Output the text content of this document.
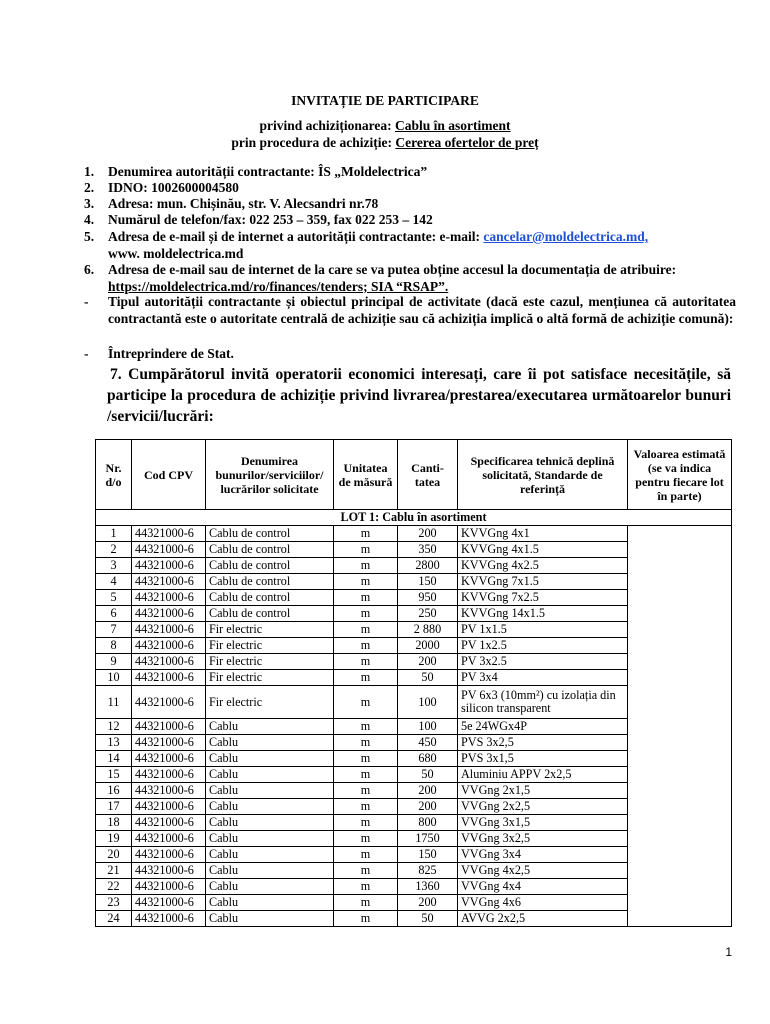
INVITAȚIE DE PARTICIPARE
privind achiziționarea: Cablu în asortiment
prin procedura de achiziție: Cererea ofertelor de preț
1.	Denumirea autorității contractante: ÎS „Moldelectrica”
2.	IDNO: 1002600004580
3.	Adresa: mun. Chișinău, str. V. Alecsandri nr.78
4.	Numărul de telefon/fax: 022 253 – 359, fax 022 253 – 142
5.	Adresa de e-mail și de internet a autorității contractante: e-mail: cancelar@moldelectrica.md,
www. moldelectrica.md
6.	Adresa de e-mail sau de internet de la care se va putea obține accesul la documentația de atribuire:
https://moldelectrica.md/ro/finances/tenders; SIA “RSAP”.
-	Tipul autorității contractante și obiectul principal de activitate (dacă este cazul, mențiunea că autoritatea contractantă este o autoritate centrală de achiziție sau că achiziția implică o altă formă de achiziție comună):
-	Întreprindere de Stat.
7. Cumpărătorul invită operatorii economici interesați, care îi pot satisface necesitățile, să participe la procedura de achiziție privind livrarea/prestarea/executarea următoarelor bunuri /servicii/lucrări:
Nr. d/o	Cod CPV	Denumirea bunurilor/serviciilor/ lucrărilor solicitate	Unitatea de măsură	Canti-tatea	Specificarea tehnică deplină solicitată, Standarde de referință	Valoarea estimată (se va indica pentru fiecare lot în parte)
LOT 1: Cablu în asortiment						
1	44321000-6	Cablu de control	m	200	KVVGng 4x1	
2	44321000-6	Cablu de control	m	350	KVVGng 4x1.5	
3	44321000-6	Cablu de control	m	2800	KVVGng 4x2.5	
4	44321000-6	Cablu de control	m	150	KVVGng 7x1.5	
5	44321000-6	Cablu de control	m	950	KVVGng 7x2.5	
6	44321000-6	Cablu de control	m	250	KVVGng 14x1.5	
7	44321000-6	Fir electric	m	2 880	PV 1x1.5	
8	44321000-6	Fir electric	m	2000	PV 1x2.5	
9	44321000-6	Fir electric	m	200	PV 3x2.5	
10	44321000-6	Fir electric	m	50	PV 3x4	
11	44321000-6	Fir electric	m	100	PV 6x3 (10mm²) cu izolația din silicon transparent	
12	44321000-6	Cablu	m	100	5e 24WGx4P	
13	44321000-6	Cablu	m	450	PVS 3x2,5	
14	44321000-6	Cablu	m	680	PVS 3x1,5	
15	44321000-6	Cablu	m	50	Aluminiu APPV 2x2,5	
16	44321000-6	Cablu	m	200	VVGng 2x1,5	
17	44321000-6	Cablu	m	200	VVGng 2x2,5	
18	44321000-6	Cablu	m	800	VVGng 3x1,5	
19	44321000-6	Cablu	m	1750	VVGng 3x2,5	
20	44321000-6	Cablu	m	150	VVGng 3x4	
21	44321000-6	Cablu	m	825	VVGng 4x2,5	
22	44321000-6	Cablu	m	1360	VVGng 4x4	
23	44321000-6	Cablu	m	200	VVGng 4x6	
24	44321000-6	Cablu	m	50	AVVG 2x2,5	
1
